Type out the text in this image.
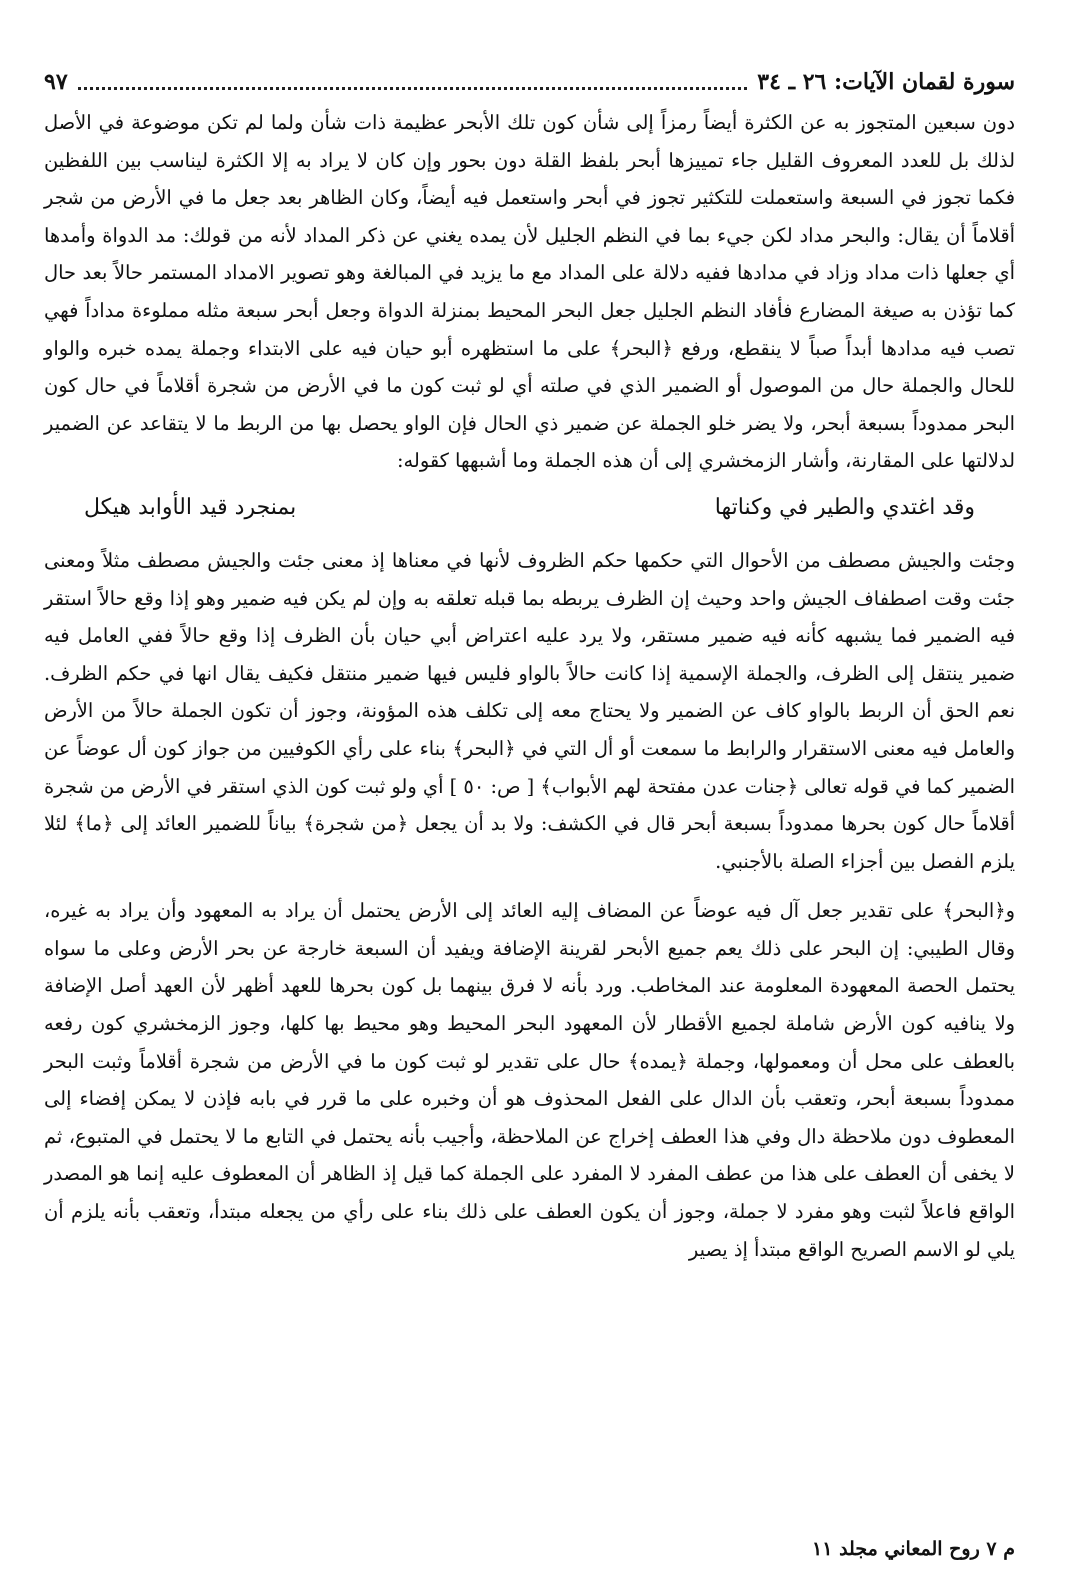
سورة لقمان الآيات: ٢٦ ـ ٣٤
٩٧

دون سبعين المتجوز به عن الكثرة أيضاً رمزاً إلى شأن كون تلك الأبحر عظيمة ذات شأن ولما لم تكن موضوعة في الأصل لذلك بل للعدد المعروف القليل جاء تمييزها أبحر بلفظ القلة دون بحور وإن كان لا يراد به إلا الكثرة ليناسب بين اللفظين فكما تجوز في السبعة واستعملت للتكثير تجوز في أبحر واستعمل فيه أيضاً، وكان الظاهر بعد جعل ما في الأرض من شجر أقلاماً أن يقال: والبحر مداد لكن جيء بما في النظم الجليل لأن يمده يغني عن ذكر المداد لأنه من قولك: مد الدواة وأمدها أي جعلها ذات مداد وزاد في مدادها ففيه دلالة على المداد مع ما يزيد في المبالغة وهو تصوير الامداد المستمر حالاً بعد حال كما تؤذن به صيغة المضارع فأفاد النظم الجليل جعل البحر المحيط بمنزلة الدواة وجعل أبحر سبعة مثله مملوءة مداداً فهي تصب فيه مدادها أبداً صباً لا ينقطع، ورفع ﴿البحر﴾ على ما استظهره أبو حيان فيه على الابتداء وجملة يمده خبره والواو للحال والجملة حال من الموصول أو الضمير الذي في صلته أي لو ثبت كون ما في الأرض من شجرة أقلاماً في حال كون البحر ممدوداً بسبعة أبحر، ولا يضر خلو الجملة عن ضمير ذي الحال فإن الواو يحصل بها من الربط ما لا يتقاعد عن الضمير لدلالتها على المقارنة، وأشار الزمخشري إلى أن هذه الجملة وما أشبهها كقوله:

وقد اغتدي والطير في وكناتها
بمنجرد قيد الأوابد هيكل

وجئت والجيش مصطف من الأحوال التي حكمها حكم الظروف لأنها في معناها إذ معنى جئت والجيش مصطف مثلاً ومعنى جئت وقت اصطفاف الجيش واحد وحيث إن الظرف يربطه بما قبله تعلقه به وإن لم يكن فيه ضمير وهو إذا وقع حالاً استقر فيه الضمير فما يشبهه كأنه فيه ضمير مستقر، ولا يرد عليه اعتراض أبي حيان بأن الظرف إذا وقع حالاً ففي العامل فيه ضمير ينتقل إلى الظرف، والجملة الإسمية إذا كانت حالاً بالواو فليس فيها ضمير منتقل فكيف يقال انها في حكم الظرف. نعم الحق أن الربط بالواو كاف عن الضمير ولا يحتاج معه إلى تكلف هذه المؤونة، وجوز أن تكون الجملة حالاً من الأرض والعامل فيه معنى الاستقرار والرابط ما سمعت أو أل التي في ﴿البحر﴾ بناء على رأي الكوفيين من جواز كون أل عوضاً عن الضمير كما في قوله تعالى ﴿جنات عدن مفتحة لهم الأبواب﴾ [ ص: ٥٠ ] أي ولو ثبت كون الذي استقر في الأرض من شجرة أقلاماً حال كون بحرها ممدوداً بسبعة أبحر قال في الكشف: ولا بد أن يجعل ﴿من شجرة﴾ بياناً للضمير العائد إلى ﴿ما﴾ لئلا يلزم الفصل بين أجزاء الصلة بالأجنبي.

و﴿البحر﴾ على تقدير جعل آل فيه عوضاً عن المضاف إليه العائد إلى الأرض يحتمل أن يراد به المعهود وأن يراد به غيره، وقال الطيبي: إن البحر على ذلك يعم جميع الأبحر لقرينة الإضافة ويفيد أن السبعة خارجة عن بحر الأرض وعلى ما سواه يحتمل الحصة المعهودة المعلومة عند المخاطب. ورد بأنه لا فرق بينهما بل كون بحرها للعهد أظهر لأن العهد أصل الإضافة ولا ينافيه كون الأرض شاملة لجميع الأقطار لأن المعهود البحر المحيط وهو محيط بها كلها، وجوز الزمخشري كون رفعه بالعطف على محل أن ومعمولها، وجملة ﴿يمده﴾ حال على تقدير لو ثبت كون ما في الأرض من شجرة أقلاماً وثبت البحر ممدوداً بسبعة أبحر، وتعقب بأن الدال على الفعل المحذوف هو أن وخبره على ما قرر في بابه فإذن لا يمكن إفضاء إلى المعطوف دون ملاحظة دال وفي هذا العطف إخراج عن الملاحظة، وأجيب بأنه يحتمل في التابع ما لا يحتمل في المتبوع، ثم لا يخفى أن العطف على هذا من عطف المفرد لا المفرد على الجملة كما قيل إذ الظاهر أن المعطوف عليه إنما هو المصدر الواقع فاعلاً لثبت وهو مفرد لا جملة، وجوز أن يكون العطف على ذلك بناء على رأي من يجعله مبتدأ، وتعقب بأنه يلزم أن يلي لو الاسم الصريح الواقع مبتدأ إذ يصير

م ٧ روح المعاني مجلد ١١
